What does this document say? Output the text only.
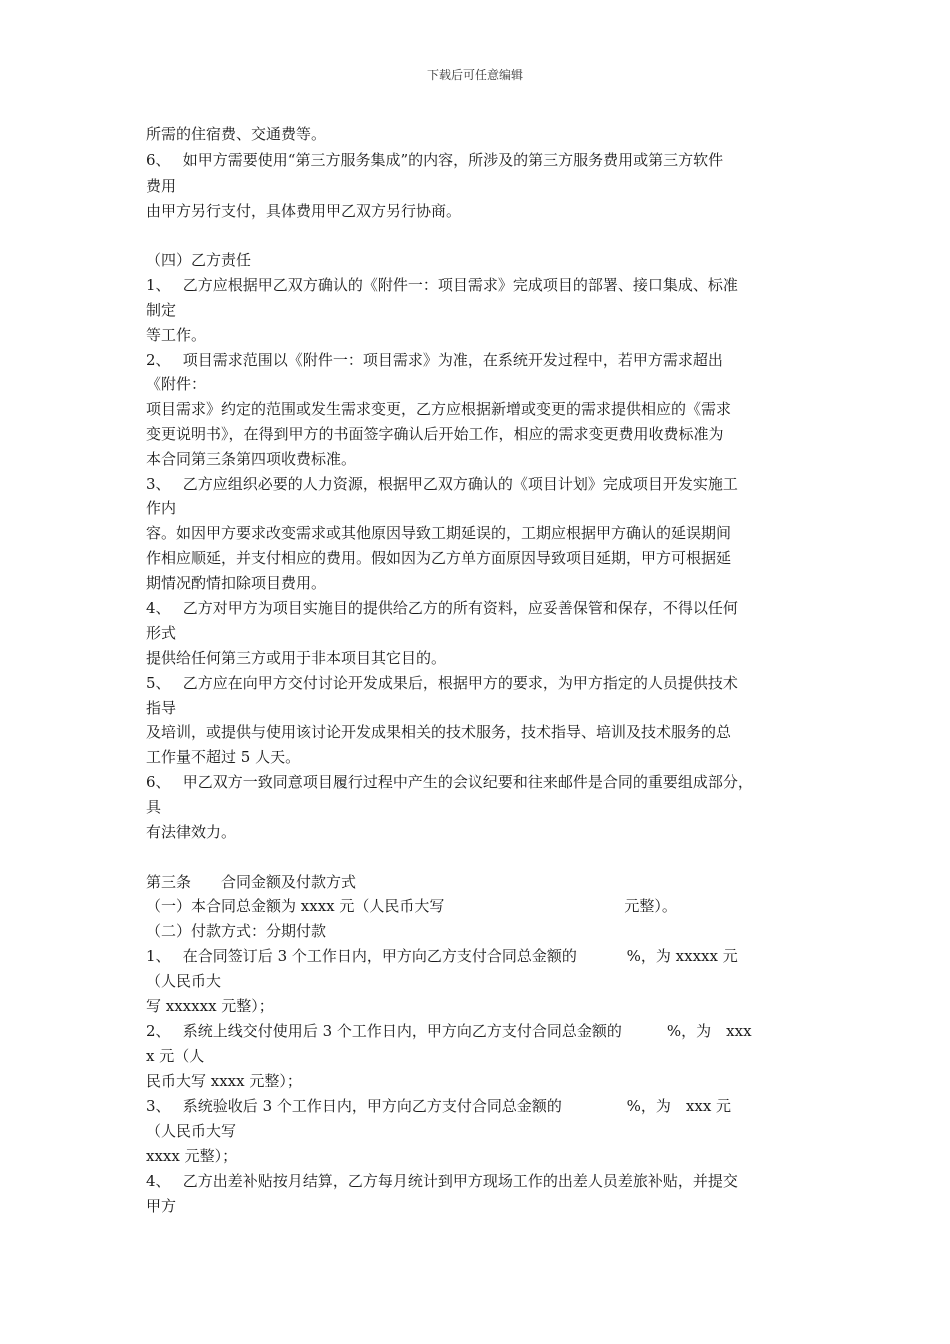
下载后可任意编辑
所需的住宿费、交通费等。
6、　 如甲方需要使用“第三方服务集成”的内容，所涉及的第三方服务费用或第三方软件
费用
由甲方另行支付，具体费用甲乙双方另行协商。
（四）乙方责任
1、　 乙方应根据甲乙双方确认的《附件一：项目需求》完成项目的部署、接口集成、标准
制定
等工作。
2、　 项目需求范围以《附件一：项目需求》为准，在系统开发过程中，若甲方需求超出
《附件：
项目需求》约定的范围或发生需求变更，乙方应根据新增或变更的需求提供相应的《需求
变更说明书》，在得到甲方的书面签字确认后开始工作，相应的需求变更费用收费标准为
本合同第三条第四项收费标准。
3、　 乙方应组织必要的人力资源，根据甲乙双方确认的《项目计划》完成项目开发实施工
作内
容。如因甲方要求改变需求或其他原因导致工期延误的，工期应根据甲方确认的延误期间
作相应顺延，并支付相应的费用。假如因为乙方单方面原因导致项目延期，甲方可根据延
期情况酌情扣除项目费用。
4、　 乙方对甲方为项目实施目的提供给乙方的所有资料，应妥善保管和保存，不得以任何
形式
提供给任何第三方或用于非本项目其它目的。
5、　 乙方应在向甲方交付讨论开发成果后，根据甲方的要求，为甲方指定的人员提供技术
指导
及培训，或提供与使用该讨论开发成果相关的技术服务，技术指导、培训及技术服务的总
工作量不超过 5 人天。
6、　 甲乙双方一致同意项目履行过程中产生的会议纪要和往来邮件是合同的重要组成部分，
具
有法律效力。
第三条　　合同金额及付款方式
（一）本合同总金额为 xxxx 元（人民币大写　　　　　　　　　　　　元整）。
（二）付款方式：分期付款
1、　 在合同签订后 3 个工作日内，甲方向乙方支付合同总金额的　　　 %，为 xxxxx 元
（人民币大
写 xxxxxx 元整）；
2、　 系统上线交付使用后 3 个工作日内，甲方向乙方支付合同总金额的　　　%，为　xxx
x 元（人
民币大写 xxxx 元整）；
3、　 系统验收后 3 个工作日内，甲方向乙方支付合同总金额的　　　　 %，为　xxx 元
（人民币大写
xxxx 元整）；
4、　 乙方出差补贴按月结算，乙方每月统计到甲方现场工作的出差人员差旅补贴，并提交
甲方
